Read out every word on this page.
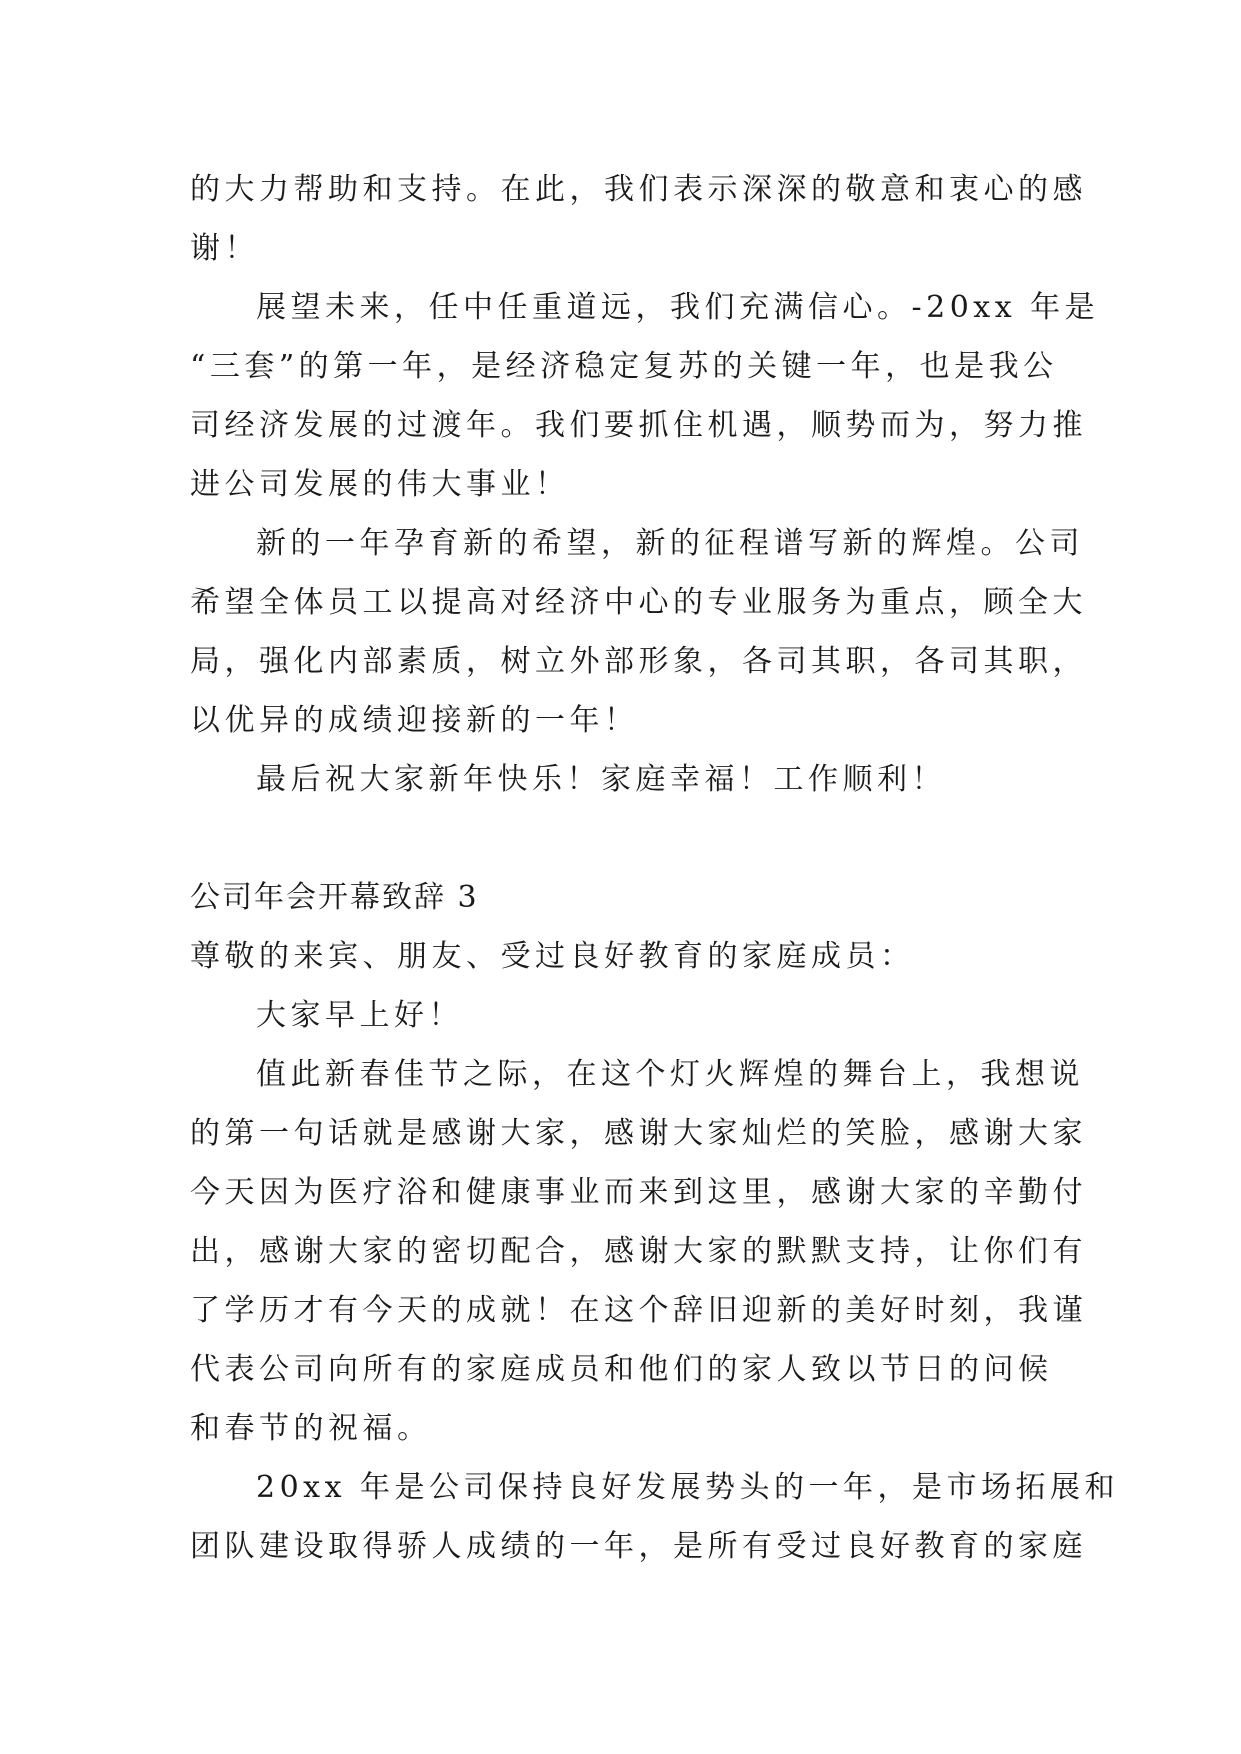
的大力帮助和支持。在此，我们表示深深的敬意和衷心的感
谢！
展望未来，任中任重道远，我们充满信心。-20xx 年是
“三套”的第一年，是经济稳定复苏的关键一年，也是我公
司经济发展的过渡年。我们要抓住机遇，顺势而为，努力推
进公司发展的伟大事业！
新的一年孕育新的希望，新的征程谱写新的辉煌。公司
希望全体员工以提高对经济中心的专业服务为重点，顾全大
局，强化内部素质，树立外部形象，各司其职，各司其职，
以优异的成绩迎接新的一年！
最后祝大家新年快乐！家庭幸福！工作顺利！
公司年会开幕致辞 3
尊敬的来宾、朋友、受过良好教育的家庭成员：
大家早上好！
值此新春佳节之际，在这个灯火辉煌的舞台上，我想说
的第一句话就是感谢大家，感谢大家灿烂的笑脸，感谢大家
今天因为医疗浴和健康事业而来到这里，感谢大家的辛勤付
出，感谢大家的密切配合，感谢大家的默默支持，让你们有
了学历才有今天的成就！在这个辞旧迎新的美好时刻，我谨
代表公司向所有的家庭成员和他们的家人致以节日的问候
和春节的祝福。
20xx 年是公司保持良好发展势头的一年，是市场拓展和
团队建设取得骄人成绩的一年，是所有受过良好教育的家庭
